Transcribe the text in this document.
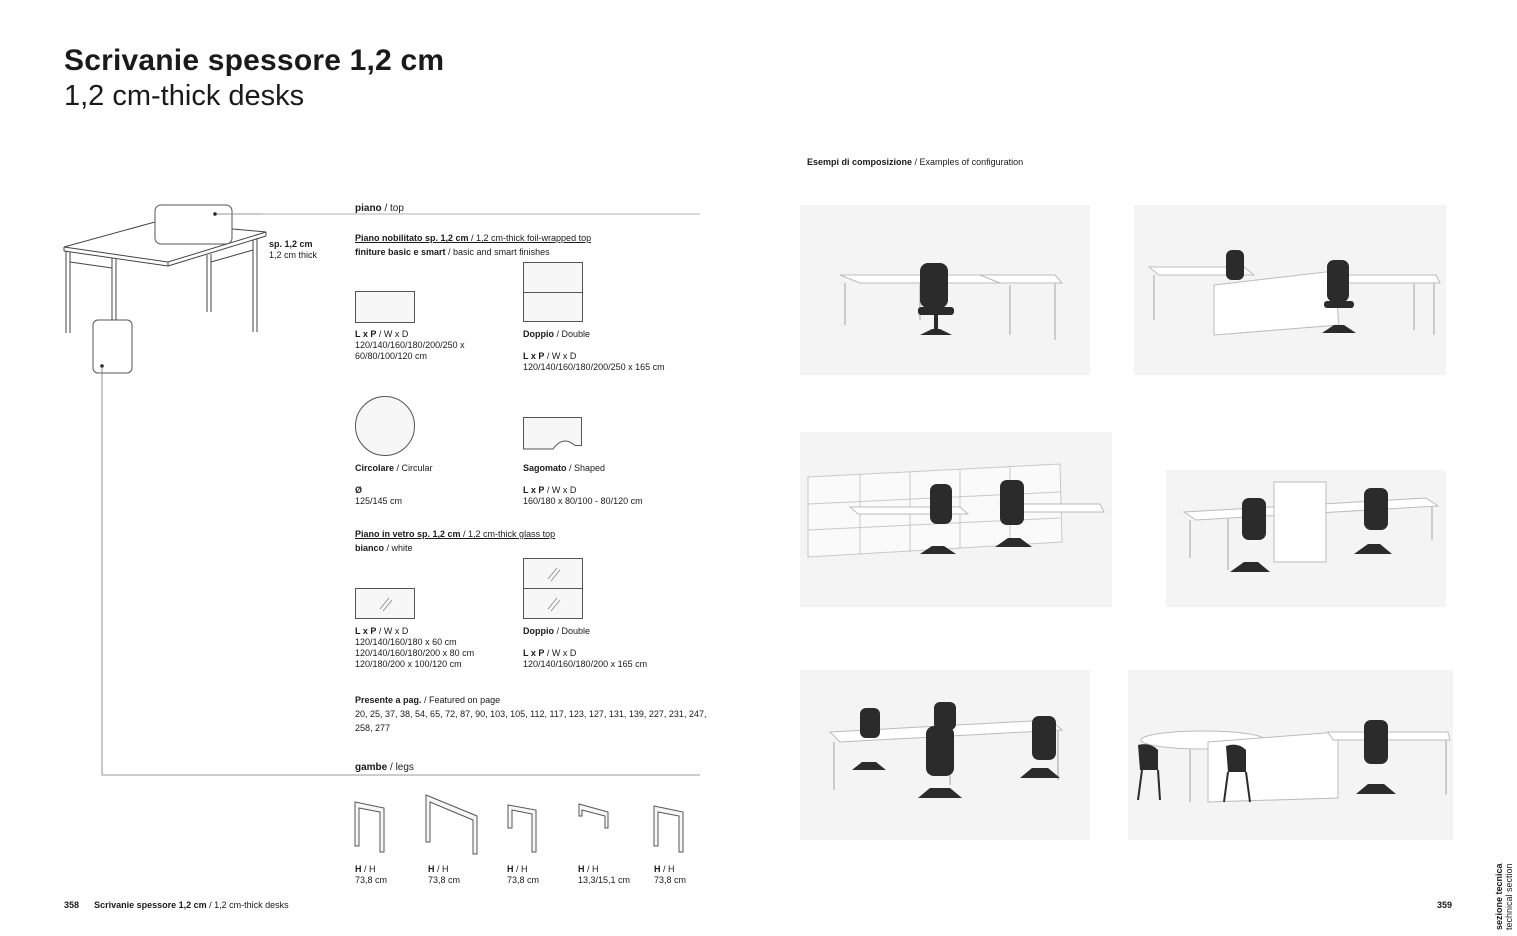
Scrivanie spessore 1,2 cm
1,2 cm-thick desks
sp. 1,2 cm
1,2 cm thick
piano / top
Piano nobilitato sp. 1,2 cm / 1,2 cm-thick foil-wrapped top
finiture basic e smart / basic and smart finishes
L x P / W x D
120/140/160/180/200/250 x
60/80/100/120 cm
Doppio / Double
L x P / W x D
120/140/160/180/200/250 x 165 cm
Circolare / Circular
Ø
125/145 cm
Sagomato / Shaped
L x P / W x D
160/180 x 80/100 - 80/120 cm
Piano in vetro sp. 1,2 cm / 1,2 cm-thick glass top
bianco / white
L x P / W x D
120/140/160/180 x 60 cm
120/140/160/180/200 x 80 cm
120/180/200 x 100/120 cm
Doppio / Double
L x P / W x D
120/140/160/180/200 x 165 cm
Presente a pag. / Featured on page
20, 25, 37, 38, 54, 65, 72, 87, 90, 103, 105, 112, 117, 123, 127, 131, 139, 227, 231, 247,
258, 277
gambe / legs
H / H
73,8 cm
H / H
73,8 cm
H / H
73,8 cm
H / H
13,3/15,1 cm
H / H
73,8 cm
Esempi di composizione / Examples of configuration
358 Scrivanie spessore 1,2 cm / 1,2 cm-thick desks	359	sezione tecnica technical section
